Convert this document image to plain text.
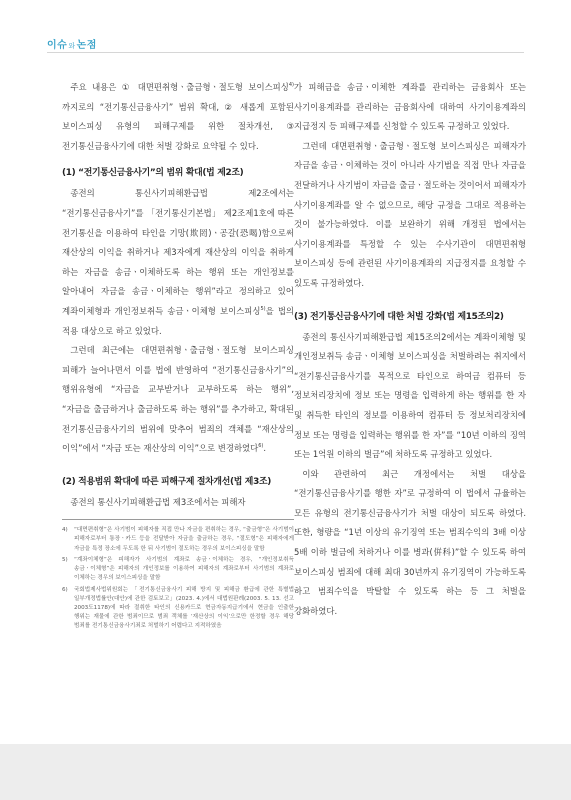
이슈와논점

주요 내용은 ① 대면편취형ㆍ출금형ㆍ절도형 보이스피싱$^{4)}$까지로의 “전기통신금융사기” 범위 확대, ② 새롭게 포함된 보이스피싱 유형의 피해구제를 위한 절차개선, ③ 전기통신금융사기에 대한 처벌 강화로 요약될 수 있다.

(1) “전기통신금융사기”의 범위 확대(법 제2조)

종전의 통신사기피해환급법 제2조에서는 “전기통신금융사기”를 「전기통신기본법」 제2조제1호에 따른 전기통신을 이용하여 타인을 기망(欺罔)ㆍ공갈(恐喝)함으로써 재산상의 이익을 취하거나 제3자에게 재산상의 이익을 취하게 하는 자금을 송금ㆍ이체하도록 하는 행위 또는 개인정보를 알아내어 자금을 송금ㆍ이체하는 행위”라고 정의하고 있어 계좌이체형과 개인정보취득 송금ㆍ이체형 보이스피싱$^{5)}$을 법의 적용 대상으로 하고 있었다.

그런데 최근에는 대면편취형ㆍ출금형ㆍ절도형 보이스피싱 피해가 늘어나면서 이를 법에 반영하여 “전기통신금융사기”의 행위유형에 “자금을 교부받거나 교부하도록 하는 행위”, “자금을 출금하거나 출금하도록 하는 행위”를 추가하고, 확대된 전기통신금융사기의 범위에 맞추어 범죄의 객체를 “재산상의 이익”에서 “자금 또는 재산상의 이익”으로 변경하였다$^{6)}$.

(2) 적용범위 확대에 따른 피해구제 절차개선(법 제3조)

종전의 통신사기피해환급법 제3조에서는 피해자

4)	“대면편취형”은 사기범이 피해자를 직접 만나 자금을 편취하는 경우, “출금형”은 사기범이 피해자로부터 통장ㆍ카드 등을 전달받아 자금을 출금하는 경우, “절도형”은 피해자에게 자금을 특정 장소에 두도록 한 뒤 사기범이 절도하는 경우의 보이스피싱을 말함
5)	“계좌이체형”은 피해자가 사기범의 계좌로 송금ㆍ이체하는 경우, “개인정보취득 송금ㆍ이체형”은 피해자의 개인정보를 이용하여 피해자의 계좌로부터 사기범의 계좌로 이체하는 경우의 보이스피싱을 말함
6)	국회법제사법위원회는 「전기통신금융사기 피해 방지 및 피해금 환급에 관한 특별법 일부개정법률안(대안)에 관한 검토보고」(2023. 4.)에서 대법원판례(2003. 5. 13. 선고 2003도1178)에 따라 절취한 타인의 신용카드로 현금자동지급기에서 현금을 인출한 행위는 재물에 관한 범죄이므로 범죄 객체를 ‘재산상의 이익’으로만 한정할 경우 해당 범죄를 전기통신금융사기죄로 처벌하기 어렵다고 지적하였음

가 피해금을 송금ㆍ이체한 계좌를 관리하는 금융회사 또는 사기이용계좌를 관리하는 금융회사에 대하여 사기이용계좌의 지급정지 등 피해구제를 신청할 수 있도록 규정하고 있었다.

그런데 대면편취형ㆍ출금형ㆍ절도형 보이스피싱은 피해자가 자금을 송금ㆍ이체하는 것이 아니라 사기범을 직접 만나 자금을 전달하거나 사기범이 자금을 출금ㆍ절도하는 것이어서 피해자가 사기이용계좌를 알 수 없으므로, 해당 규정을 그대로 적용하는 것이 불가능하였다. 이를 보완하기 위해 개정된 법에서는 사기이용계좌를 특정할 수 있는 수사기관이 대면편취형 보이스피싱 등에 관련된 사기이용계좌의 지급정지를 요청할 수 있도록 규정하였다.

(3) 전기통신금융사기에 대한 처벌 강화(법 제15조의2)

종전의 통신사기피해환급법 제15조의2에서는 계좌이체형 및 개인정보취득 송금ㆍ이체형 보이스피싱을 처벌하려는 취지에서 “전기통신금융사기를 목적으로 타인으로 하여금 컴퓨터 등 정보처리장치에 정보 또는 명령을 입력하게 하는 행위를 한 자 및 취득한 타인의 정보를 이용하여 컴퓨터 등 정보처리장치에 정보 또는 명령을 입력하는 행위를 한 자”를 “10년 이하의 징역 또는 1억원 이하의 벌금”에 처하도록 규정하고 있었다.

이와 관련하여 최근 개정에서는 처벌 대상을 “전기통신금융사기를 행한 자”로 규정하여 이 법에서 규율하는 모든 유형의 전기통신금융사기가 처벌 대상이 되도록 하였다. 또한, 형량을 “1년 이상의 유기징역 또는 범죄수익의 3배 이상 5배 이하 벌금에 처하거나 이를 병과(倂科)”할 수 있도록 하여 보이스피싱 범죄에 대해 최대 30년까지 유기징역이 가능하도록 하고 범죄수익을 박탈할 수 있도록 하는 등 그 처벌을 강화하였다.
